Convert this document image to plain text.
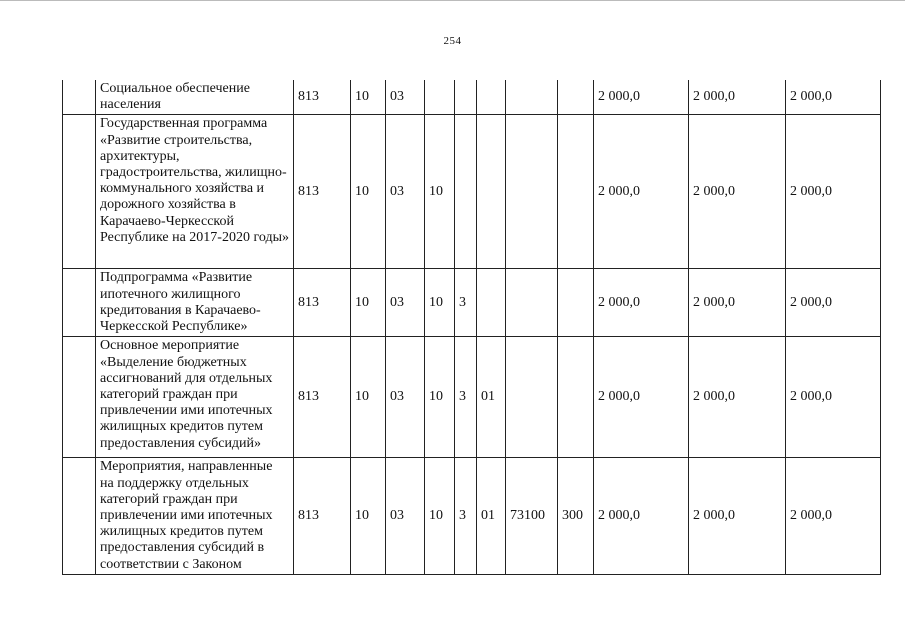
254
	Социальное обеспечение населения	813	10	03						2 000,0	2 000,0	2 000,0
	Государственная программа «Развитие строительства, архитектуры, градостроительства, жилищно-коммунального хозяйства и дорожного хозяйства в Карачаево-Черкесской Республике на 2017-2020 годы»	813	10	03	10					2 000,0	2 000,0	2 000,0
	Подпрограмма «Развитие ипотечного жилищного кредитования в Карачаево-Черкесской Республике»	813	10	03	10	3				2 000,0	2 000,0	2 000,0
	Основное мероприятие «Выделение бюджетных ассигнований для отдельных категорий граждан при привлечении ими ипотечных жилищных кредитов путем предоставления субсидий»	813	10	03	10	3	01			2 000,0	2 000,0	2 000,0
	Мероприятия, направленные на поддержку отдельных категорий граждан при привлечении ими ипотечных жилищных кредитов путем предоставления субсидий в соответствии с Законом	813	10	03	10	3	01	73100	300	2 000,0	2 000,0	2 000,0
